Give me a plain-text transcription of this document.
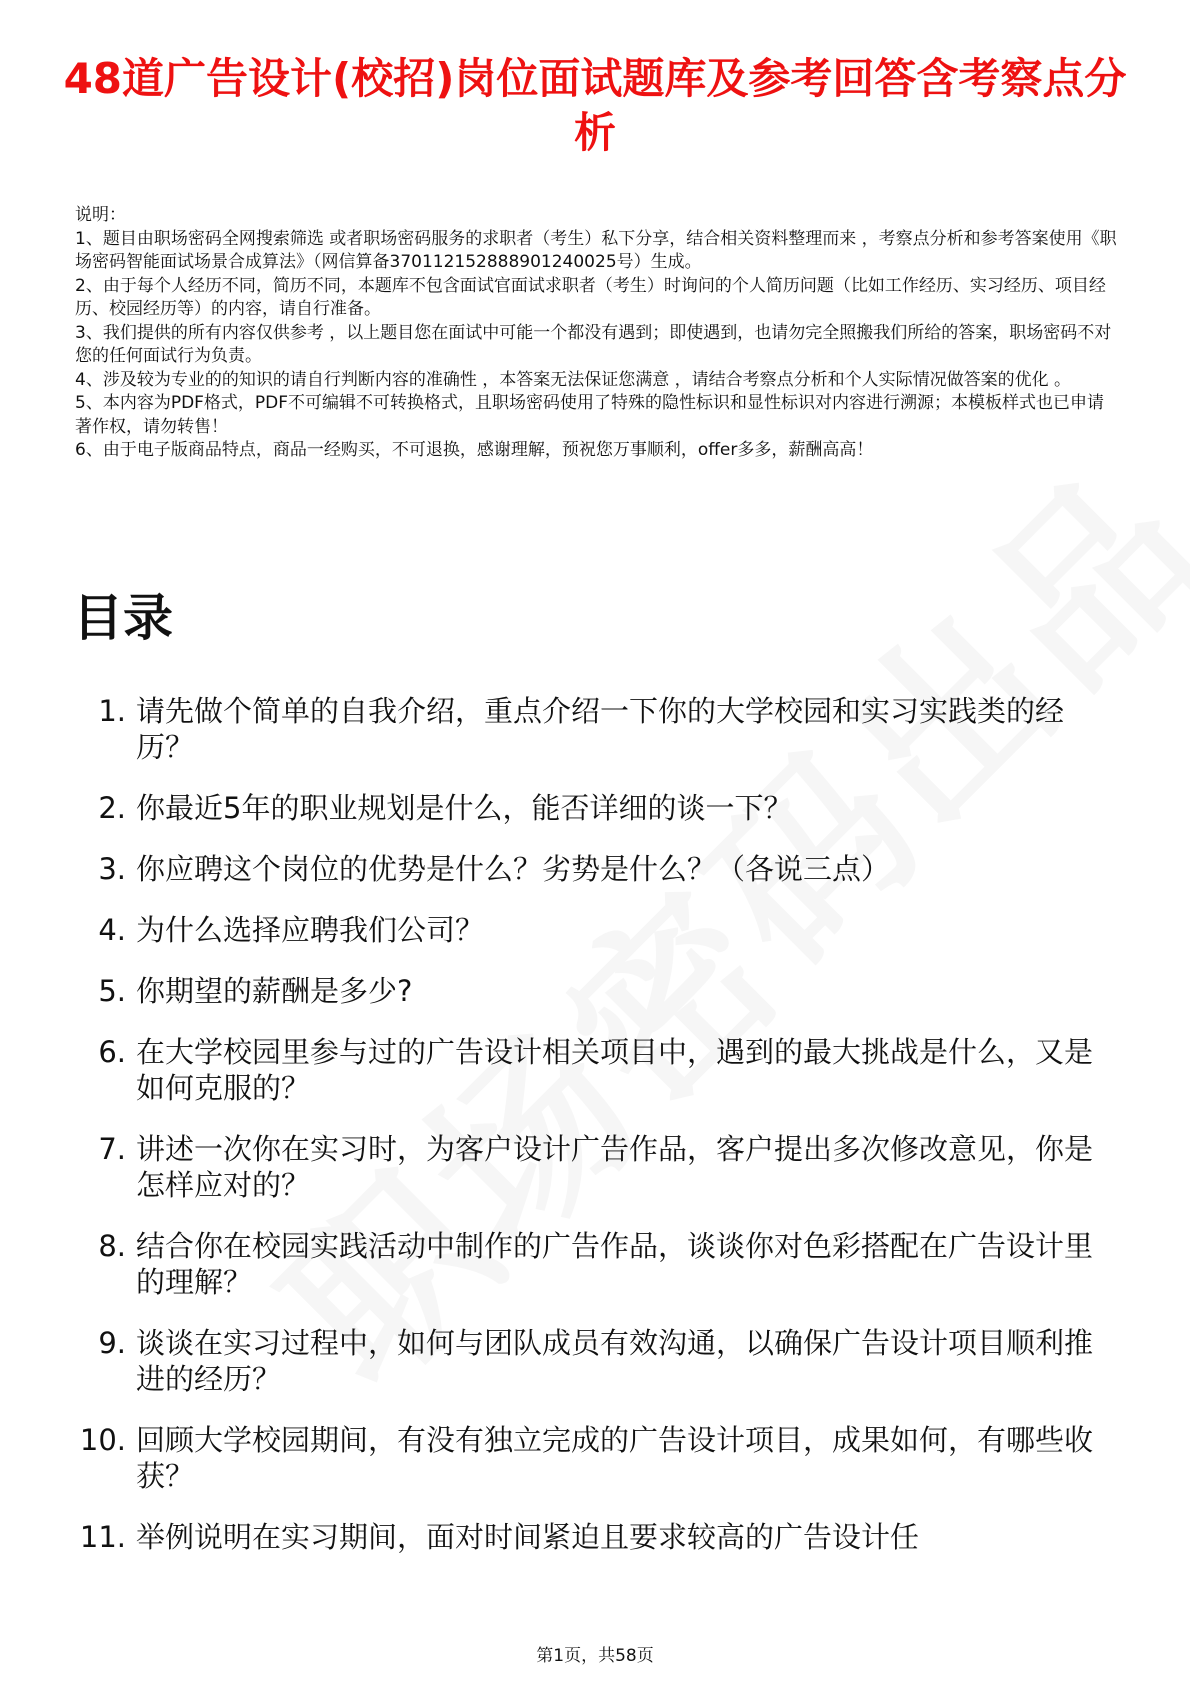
48道广告设计(校招)岗位面试题库及参考回答含考察点分析

说明：

1、题目由职场密码全网搜索筛选 或者职场密码服务的求职者（考生）私下分享，结合相关资料整理而来 ，考察点分析和参考答案使用《职场密码智能面试场景合成算法》（网信算备370112152888901240025号）生成。

2、由于每个人经历不同，简历不同，本题库不包含面试官面试求职者（考生）时询问的个人简历问题（比如工作经历、实习经历、项目经历、校园经历等）的内容，请自行准备。

3、我们提供的所有内容仅供参考 ，以上题目您在面试中可能一个都没有遇到；即使遇到，也请勿完全照搬我们所给的答案，职场密码不对您的任何面试行为负责。

4、涉及较为专业的的知识的请自行判断内容的准确性 ，本答案无法保证您满意 ，请结合考察点分析和个人实际情况做答案的优化 。

5、本内容为PDF格式，PDF不可编辑不可转换格式，且职场密码使用了特殊的隐性标识和显性标识对内容进行溯源；本模板样式也已申请著作权，请勿转售！

6、由于电子版商品特点，商品一经购买，不可退换，感谢理解，预祝您万事顺利，offer多多，薪酬高高！

目录
1. 请先做个简单的自我介绍，重点介绍一下你的大学校园和实习实践类的经历？
2. 你最近5年的职业规划是什么，能否详细的谈一下？
3. 你应聘这个岗位的优势是什么？劣势是什么？（各说三点）
4. 为什么选择应聘我们公司？
5. 你期望的薪酬是多少?
6. 在大学校园里参与过的广告设计相关项目中，遇到的最大挑战是什么，又是如何克服的？
7. 讲述一次你在实习时，为客户设计广告作品，客户提出多次修改意见，你是怎样应对的？
8. 结合你在校园实践活动中制作的广告作品，谈谈你对色彩搭配在广告设计里的理解？
9. 谈谈在实习过程中，如何与团队成员有效沟通，以确保广告设计项目顺利推进的经历？
10. 回顾大学校园期间，有没有独立完成的广告设计项目，成果如何，有哪些收获？
11. 举例说明在实习期间，面对时间紧迫且要求较高的广告设计任
第1页，共58页
